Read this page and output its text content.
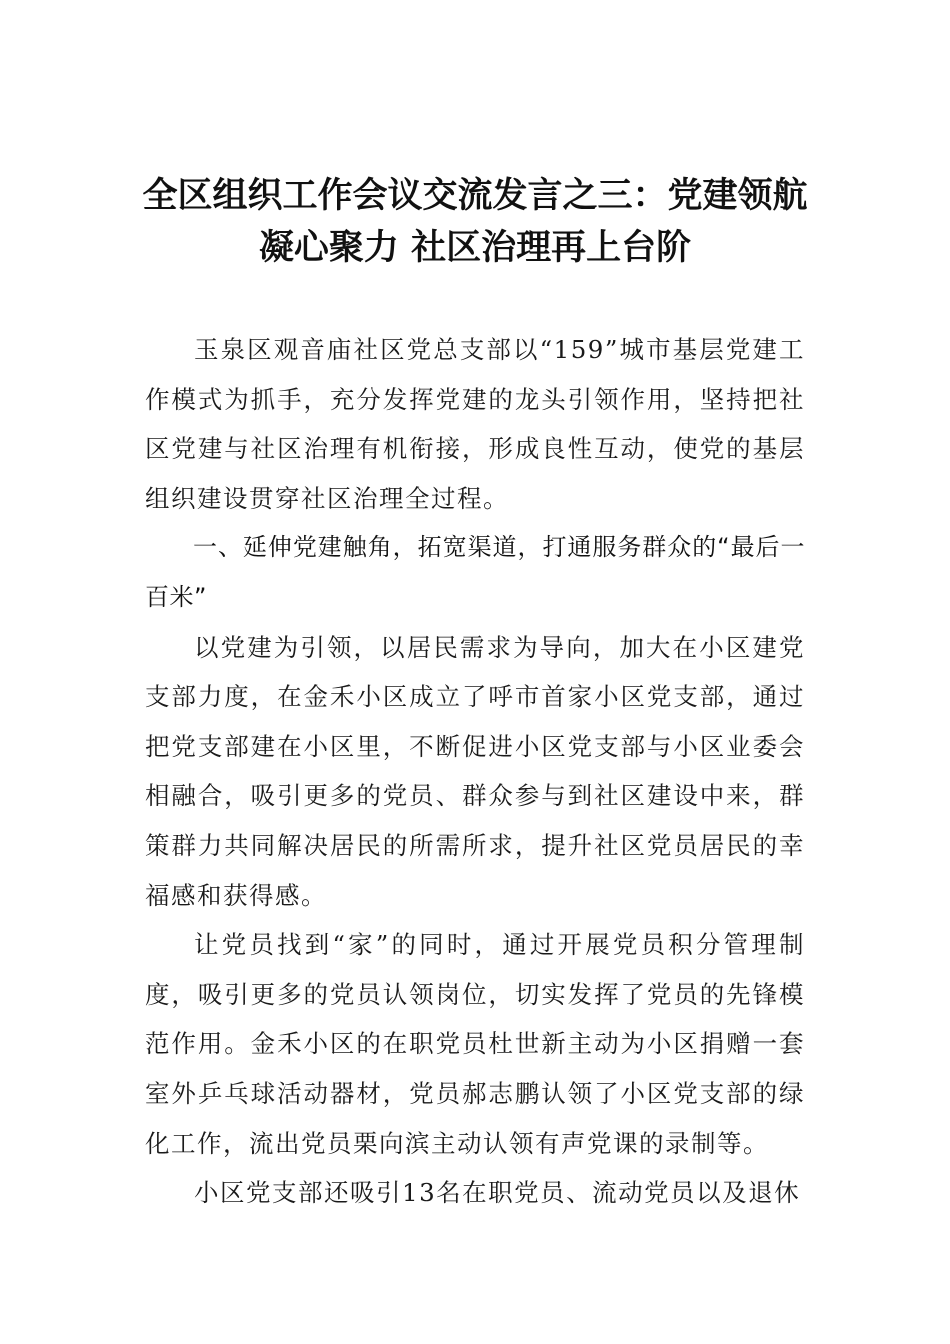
全区组织工作会议交流发言之三：党建领航凝心聚力 社区治理再上台阶

玉泉区观音庙社区党总支部以“159”城市基层党建工作模式为抓手，充分发挥党建的龙头引领作用，坚持把社区党建与社区治理有机衔接，形成良性互动，使党的基层组织建设贯穿社区治理全过程。

一、延伸党建触角，拓宽渠道，打通服务群众的“最后一百米”

以党建为引领，以居民需求为导向，加大在小区建党支部力度，在金禾小区成立了呼市首家小区党支部，通过把党支部建在小区里，不断促进小区党支部与小区业委会相融合，吸引更多的党员、群众参与到社区建设中来，群策群力共同解决居民的所需所求，提升社区党员居民的幸福感和获得感。

让党员找到“家”的同时，通过开展党员积分管理制度，吸引更多的党员认领岗位，切实发挥了党员的先锋模范作用。金禾小区的在职党员杜世新主动为小区捐赠一套室外乒乓球活动器材，党员郝志鹏认领了小区党支部的绿化工作，流出党员栗向滨主动认领有声党课的录制等。

小区党支部还吸引13名在职党员、流动党员以及退休
